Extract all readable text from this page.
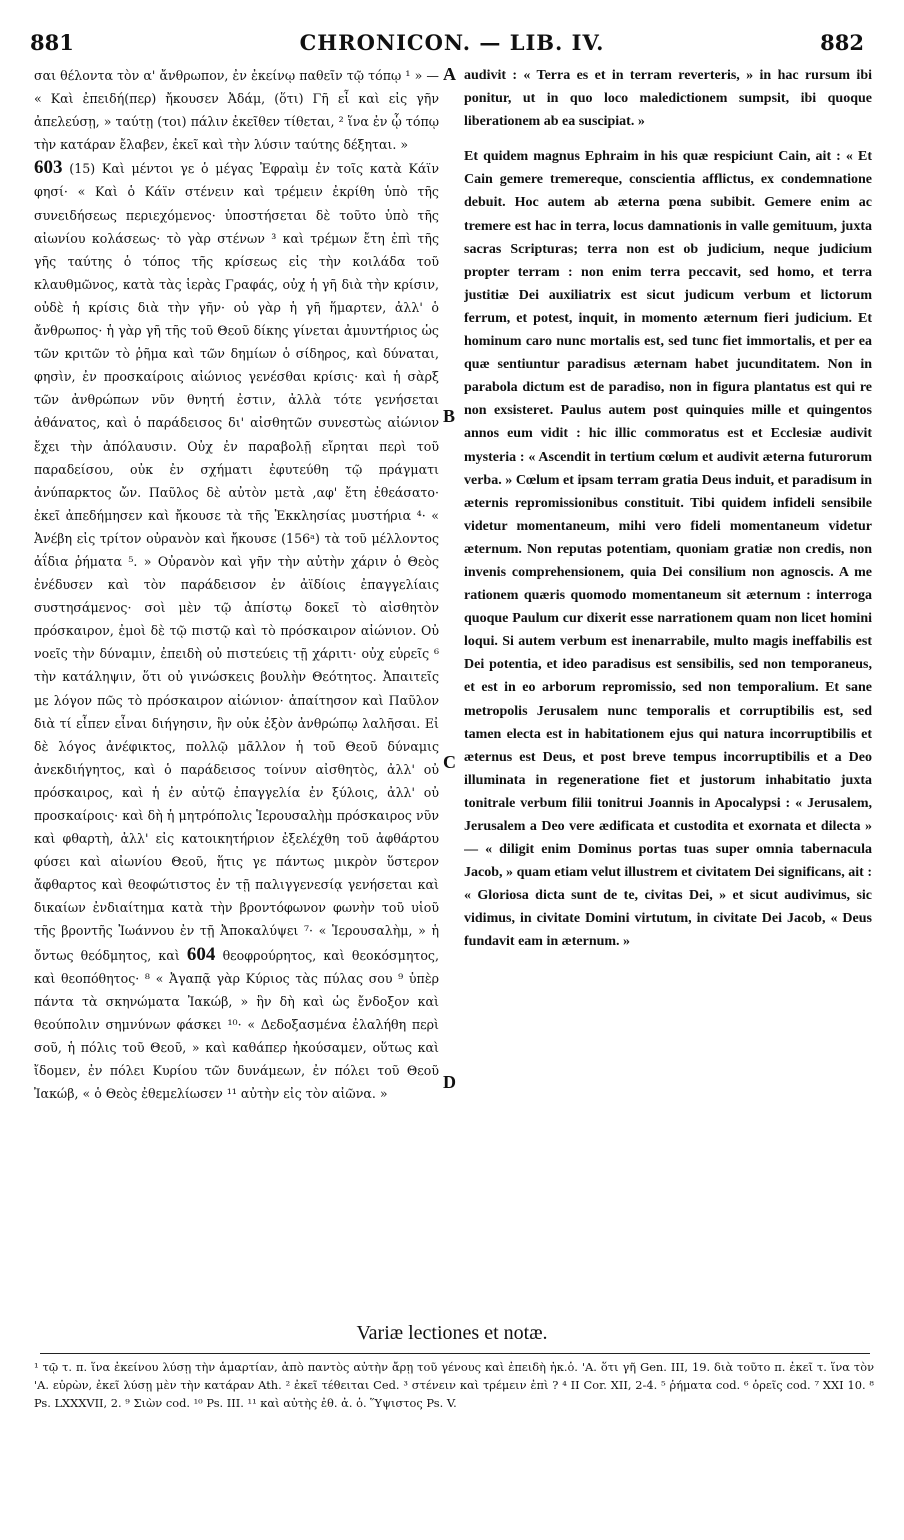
881	CHRONICON. — LIB. IV.	882

σαι θέλοντα τὸν α' ἄνθρωπον, ἐν ἐκείνῳ παθεῖν τῷ τόπῳ ¹ » — « Καὶ ἐπειδή(περ) ἤκουσεν Ἀδάμ, (ὅτι) Γῆ εἶ καὶ εἰς γῆν ἀπελεύσῃ, » ταύτῃ (τοι) πάλιν ἐκεῖθεν τίθεται, ² ἵνα ἐν ᾧ τόπῳ τὴν κατάραν ἔλαβεν, ἐκεῖ καὶ τὴν λύσιν ταύτης δέξηται. »

603 (15) Καὶ μέντοι γε ὁ μέγας Ἐφραὶμ ἐν τοῖς κατὰ Κάϊν φησί· « Καὶ ὁ Κάϊν στένειν καὶ τρέμειν ἐκρίθη ὑπὸ τῆς συνειδήσεως περιεχόμενος· ὑποστήσεται δὲ τοῦτο ὑπὸ τῆς αἰωνίου κολάσεως· τὸ γὰρ στένων ³ καὶ τρέμων ἔτη ἐπὶ τῆς γῆς ταύτης ὁ τόπος τῆς κρίσεως εἰς τὴν κοιλάδα τοῦ κλαυθμῶνος, κατὰ τὰς ἱερὰς Γραφάς, οὐχ ἡ γῆ διὰ τὴν κρίσιν, οὐδὲ ἡ κρίσις διὰ τὴν γῆν· οὐ γὰρ ἡ γῆ ἥμαρτεν, ἀλλ' ὁ ἄνθρωπος· ἡ γὰρ γῆ τῆς τοῦ Θεοῦ δίκης γίνεται ἀμυντήριος ὡς τῶν κριτῶν τὸ ῥῆμα καὶ τῶν δημίων ὁ σίδηρος, καὶ δύναται, φησὶν, ἐν προσκαίροις αἰώνιος γενέσθαι κρίσις· καὶ ἡ σὰρξ τῶν ἀνθρώπων νῦν θνητή ἐστιν, ἀλλὰ τότε γενήσεται ἀθάνατος, καὶ ὁ παράδεισος δι' αἰσθητῶν συνεστὼς αἰώνιον ἔχει τὴν ἀπόλαυσιν. Οὐχ ἐν παραβολῇ εἴρηται περὶ τοῦ παραδείσου, οὐκ ἐν σχήματι ἐφυτεύθη τῷ πράγματι ἀνύπαρκτος ὤν. Παῦλος δὲ αὐτὸν μετὰ ,αφ' ἔτη ἐθεάσατο· ἐκεῖ ἀπεδήμησεν καὶ ἤκουσε τὰ τῆς Ἐκκλησίας μυστήρια ⁴· « Ἀνέβη εἰς τρίτον οὐρανὸν καὶ ἤκουσε (156ᵃ) τὰ τοῦ μέλλοντος ἀΐδια ῥήματα ⁵. » Οὐρανὸν καὶ γῆν τὴν αὐτὴν χάριν ὁ Θεὸς ἐνέδυσεν καὶ τὸν παράδεισον ἐν ἀϊδίοις ἐπαγγελίαις συστησάμενος· σοὶ μὲν τῷ ἀπίστῳ δοκεῖ τὸ αἰσθητὸν πρόσκαιρον, ἐμοὶ δὲ τῷ πιστῷ καὶ τὸ πρόσκαιρον αἰώνιον. Οὐ νοεῖς τὴν δύναμιν, ἐπειδὴ οὐ πιστεύεις τῇ χάριτι· οὐχ εὑρεῖς ⁶ τὴν κατάληψιν, ὅτι οὐ γινώσκεις βουλὴν Θεότητος. Ἀπαιτεῖς με λόγον πῶς τὸ πρόσκαιρον αἰώνιον· ἀπαίτησον καὶ Παῦλον διὰ τί εἶπεν εἶναι διήγησιν, ἣν οὐκ ἐξὸν ἀνθρώπῳ λαλῆσαι. Εἰ δὲ λόγος ἀνέφικτος, πολλῷ μᾶλλον ἡ τοῦ Θεοῦ δύναμις ἀνεκδιήγητος, καὶ ὁ παράδεισος τοίνυν αἰσθητὸς, ἀλλ' οὐ πρόσκαιρος, καὶ ἡ ἐν αὐτῷ ἐπαγγελία ἐν ξύλοις, ἀλλ' οὐ προσκαίροις· καὶ δὴ ἡ μητρόπολις Ἱερουσαλὴμ πρόσκαιρος νῦν καὶ φθαρτὴ, ἀλλ' εἰς κατοικητήριον ἐξελέχθη τοῦ ἀφθάρτου φύσει καὶ αἰωνίου Θεοῦ, ἥτις γε πάντως μικρὸν ὕστερον ἄφθαρτος καὶ θεοφώτιστος ἐν τῇ παλιγγενεσίᾳ γενήσεται καὶ δικαίων ἐνδιαίτημα κατὰ τὴν βροντόφωνον φωνὴν τοῦ υἱοῦ τῆς βροντῆς Ἰωάννου ἐν τῇ Ἀποκαλύψει ⁷· « Ἱερουσαλὴμ, » ἡ ὄντως θεόδμητος, καὶ 604 θεοφρούρητος, καὶ θεοκόσμητος, καὶ θεοπόθητος· ⁸ « Ἀγαπᾷ γὰρ Κύριος τὰς πύλας σου ⁹ ὑπὲρ πάντα τὰ σκηνώματα Ἰακώβ, » ἣν δὴ καὶ ὡς ἔνδοξον καὶ θεούπολιν σημνύνων φάσκει ¹⁰· « Δεδοξασμένα ἐλαλήθη περὶ σοῦ, ἡ πόλις τοῦ Θεοῦ, » καὶ καθάπερ ἠκούσαμεν, οὕτως καὶ ἴδομεν, ἐν πόλει Κυρίου τῶν δυνάμεων, ἐν πόλει τοῦ Θεοῦ Ἰακώβ, « ὁ Θεὸς ἐθεμελίωσεν ¹¹ αὐτὴν εἰς τὸν αἰῶνα. »

A
B
C
D

audivit : « Terra es et in terram reverteris, » in hac rursum ibi ponitur, ut in quo loco maledictionem sumpsit, ibi quoque liberationem ab ea suscipiat. »

Et quidem magnus Ephraim in his quæ respiciunt Cain, ait : « Et Cain gemere tremereque, conscientia afflictus, ex condemnatione debuit. Hoc autem ab æterna pœna subibit. Gemere enim ac tremere est hac in terra, locus damnationis in valle gemituum, juxta sacras Scripturas; terra non est ob judicium, neque judicium propter terram : non enim terra peccavit, sed homo, et terra justitiæ Dei auxiliatrix est sicut judicum verbum et lictorum ferrum, et potest, inquit, in momento æternum fieri judicium. Et hominum caro nunc mortalis est, sed tunc fiet immortalis, et per ea quæ sentiuntur paradisus æternam habet jucunditatem. Non in parabola dictum est de paradiso, non in figura plantatus est qui re non exsisteret. Paulus autem post quinquies mille et quingentos annos eum vidit : hic illic commoratus est et Ecclesiæ audivit mysteria : « Ascendit in tertium cœlum et audivit æterna futurorum verba. » Cœlum et ipsam terram gratia Deus induit, et paradisum in æternis repromissionibus constituit. Tibi quidem infideli sensibile videtur momentaneum, mihi vero fideli momentaneum videtur æternum. Non reputas potentiam, quoniam gratiæ non credis, non invenis comprehensionem, quia Dei consilium non agnoscis. A me rationem quæris quomodo momentaneum sit æternum : interroga quoque Paulum cur dixerit esse narrationem quam non licet homini loqui. Si autem verbum est inenarrabile, multo magis ineffabilis est Dei potentia, et ideo paradisus est sensibilis, sed non temporaneus, et est in eo arborum repromissio, sed non temporalium. Et sane metropolis Jerusalem nunc temporalis et corruptibilis est, sed tamen electa est in habitationem ejus qui natura incorruptibilis et æternus est Deus, et post breve tempus incorruptibilis et a Deo illuminata in regeneratione fiet et justorum inhabitatio juxta tonitrale verbum filii tonitrui Joannis in Apocalypsi : « Jerusalem, Jerusalem a Deo vere ædificata et custodita et exornata et dilecta » — « diligit enim Dominus portas tuas super omnia tabernacula Jacob, » quam etiam velut illustrem et civitatem Dei significans, ait : « Gloriosa dicta sunt de te, civitas Dei, » et sicut audivimus, sic vidimus, in civitate Domini virtutum, in civitate Dei Jacob, « Deus fundavit eam in æternum. »

Variæ lectiones et notæ.

¹ τῷ τ. π. ἵνα ἐκείνου λύσῃ τὴν ἁμαρτίαν, ἀπὸ παντὸς αὐτὴν ἄρῃ τοῦ γένους καὶ ἐπειδὴ ἠκ.ὁ. 'Α. ὅτι γῆ Gen. III, 19. διὰ τοῦτο π. ἐκεῖ τ. ἵνα τὸν 'Α. εὑρὼν, ἐκεῖ λύσῃ μὲν τὴν κατάραν Ath. ² ἐκεῖ τέθειται Ced. ³ στένειν καὶ τρέμειν ἐπὶ ? ⁴ II Cor. XII, 2-4. ⁵ ῥήματα cod. ⁶ ὁρεῖς cod. ⁷ XXI 10. ⁸ Ps. LXXXVII, 2. ⁹ Σιὼν cod. ¹⁰ Ps. III. ¹¹ καὶ αὐτὴς ἐθ. ἀ. ὁ. Ὕψιστος Ps. V.
